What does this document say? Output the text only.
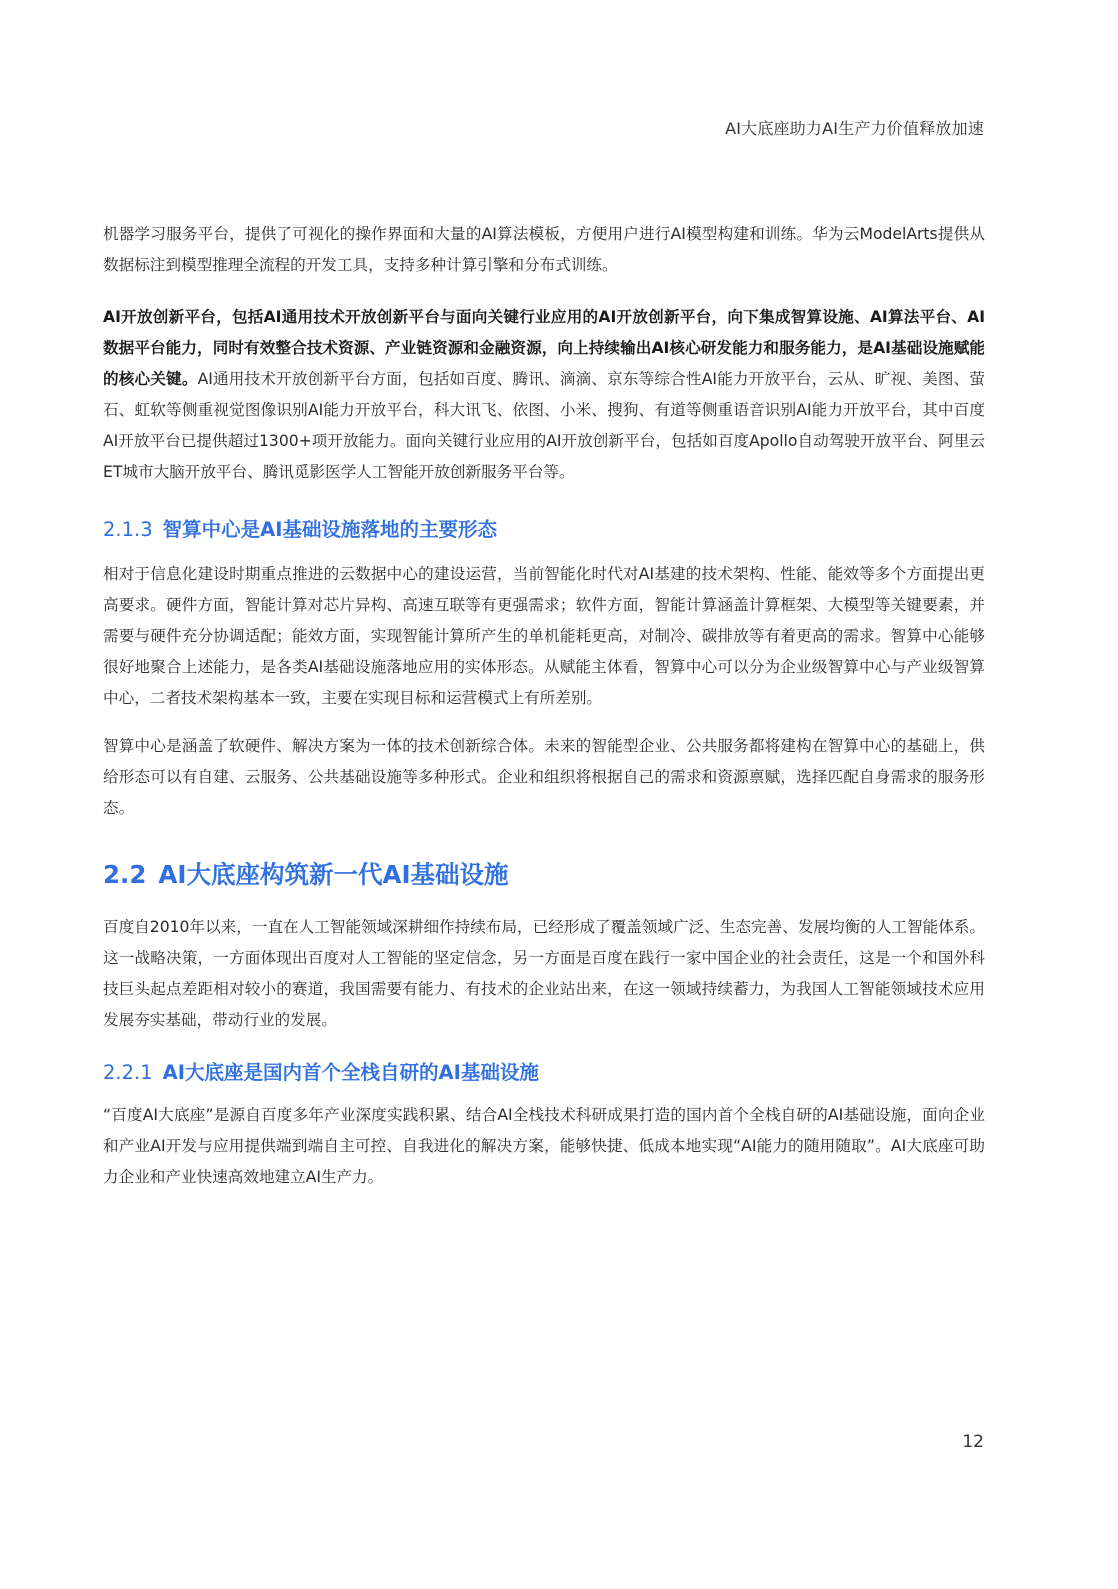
AI大底座助力AI生产力价值释放加速

机器学习服务平台，提供了可视化的操作界面和大量的AI算法模板，方便用户进行AI模型构建和训练。华为云ModelArts提供从数据标注到模型推理全流程的开发工具，支持多种计算引擎和分布式训练。

AI开放创新平台，包括AI通用技术开放创新平台与面向关键行业应用的AI开放创新平台，向下集成智算设施、AI算法平台、AI数据平台能力，同时有效整合技术资源、产业链资源和金融资源，向上持续输出AI核心研发能力和服务能力，是AI基础设施赋能的核心关键。AI通用技术开放创新平台方面，包括如百度、腾讯、滴滴、京东等综合性AI能力开放平台，云从、旷视、美图、萤石、虹软等侧重视觉图像识别AI能力开放平台，科大讯飞、依图、小米、搜狗、有道等侧重语音识别AI能力开放平台，其中百度AI开放平台已提供超过1300+项开放能力。面向关键行业应用的AI开放创新平台，包括如百度Apollo自动驾驶开放平台、阿里云ET城市大脑开放平台、腾讯觅影医学人工智能开放创新服务平台等。

2.1.3 智算中心是AI基础设施落地的主要形态

相对于信息化建设时期重点推进的云数据中心的建设运营，当前智能化时代对AI基建的技术架构、性能、能效等多个方面提出更高要求。硬件方面，智能计算对芯片异构、高速互联等有更强需求；软件方面，智能计算涵盖计算框架、大模型等关键要素，并需要与硬件充分协调适配；能效方面，实现智能计算所产生的单机能耗更高，对制冷、碳排放等有着更高的需求。智算中心能够很好地聚合上述能力，是各类AI基础设施落地应用的实体形态。从赋能主体看，智算中心可以分为企业级智算中心与产业级智算中心，二者技术架构基本一致，主要在实现目标和运营模式上有所差别。

智算中心是涵盖了软硬件、解决方案为一体的技术创新综合体。未来的智能型企业、公共服务都将建构在智算中心的基础上，供给形态可以有自建、云服务、公共基础设施等多种形式。企业和组织将根据自己的需求和资源禀赋，选择匹配自身需求的服务形态。

2.2 AI大底座构筑新一代AI基础设施

百度自2010年以来，一直在人工智能领域深耕细作持续布局，已经形成了覆盖领域广泛、生态完善、发展均衡的人工智能体系。这一战略决策，一方面体现出百度对人工智能的坚定信念，另一方面是百度在践行一家中国企业的社会责任，这是一个和国外科技巨头起点差距相对较小的赛道，我国需要有能力、有技术的企业站出来，在这一领域持续蓄力，为我国人工智能领域技术应用发展夯实基础，带动行业的发展。

2.2.1 AI大底座是国内首个全栈自研的AI基础设施

“百度AI大底座”是源自百度多年产业深度实践积累、结合AI全栈技术科研成果打造的国内首个全栈自研的AI基础设施，面向企业和产业AI开发与应用提供端到端自主可控、自我进化的解决方案，能够快捷、低成本地实现“AI能力的随用随取”。AI大底座可助力企业和产业快速高效地建立AI生产力。

12
